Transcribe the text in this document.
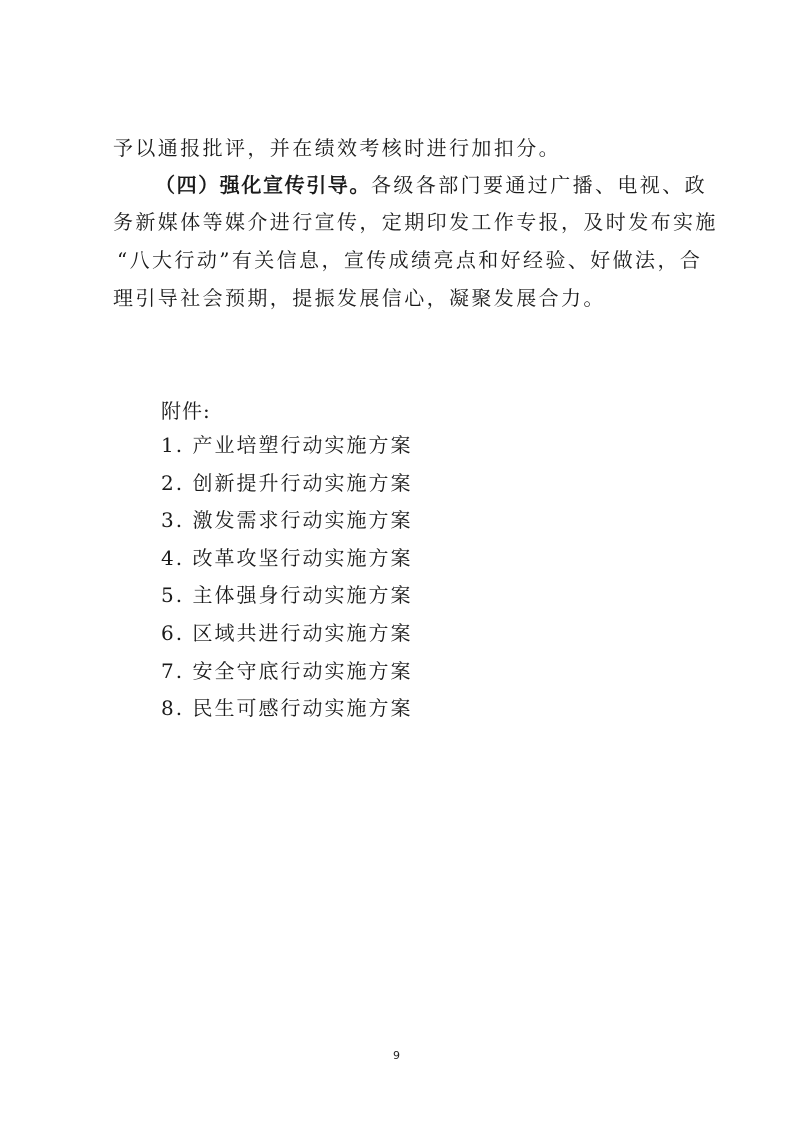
予以通报批评，并在绩效考核时进行加扣分。
（四）强化宣传引导。各级各部门要通过广播、电视、政
务新媒体等媒介进行宣传，定期印发工作专报，及时发布实施
“八大行动”有关信息，宣传成绩亮点和好经验、好做法，合
理引导社会预期，提振发展信心，凝聚发展合力。
附件:
1. 产业培塑行动实施方案
2. 创新提升行动实施方案
3. 激发需求行动实施方案
4. 改革攻坚行动实施方案
5. 主体强身行动实施方案
6. 区域共进行动实施方案
7. 安全守底行动实施方案
8. 民生可感行动实施方案
9
